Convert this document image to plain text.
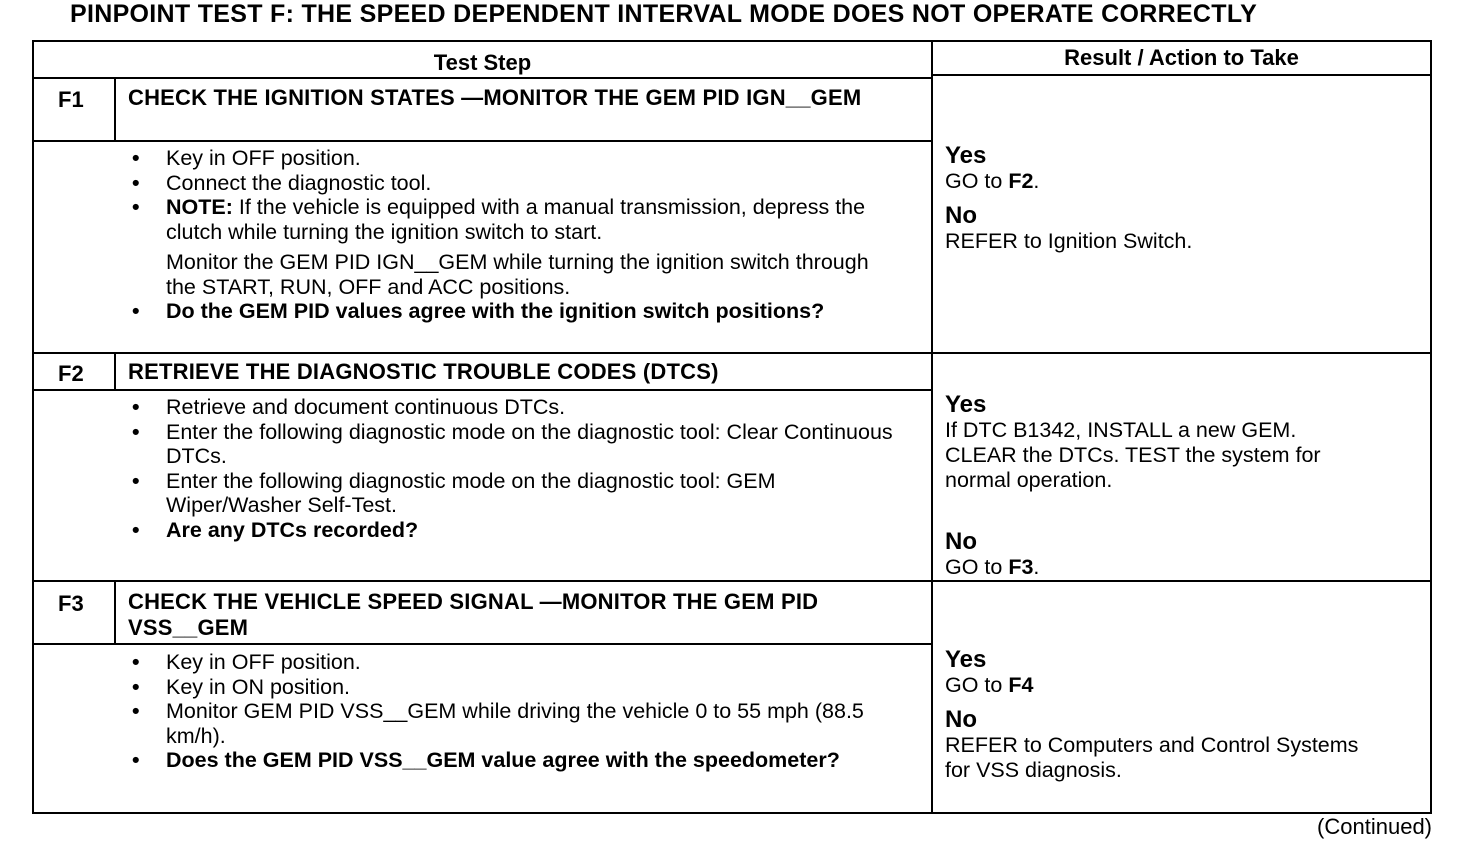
PINPOINT TEST F: THE SPEED DEPENDENT INTERVAL MODE DOES NOT OPERATE CORRECTLY
Test Step	Result / Action to Take
F1 CHECK THE IGNITION STATES —MONITOR THE GEM PID IGN__GEM
• Key in OFF position.
• Connect the diagnostic tool.
• NOTE: If the vehicle is equipped with a manual transmission, depress the clutch while turning the ignition switch to start.
Monitor the GEM PID IGN__GEM while turning the ignition switch through the START, RUN, OFF and ACC positions.
• Do the GEM PID values agree with the ignition switch positions?
Yes
GO to F2.
No
REFER to Ignition Switch.
F2 RETRIEVE THE DIAGNOSTIC TROUBLE CODES (DTCS)
• Retrieve and document continuous DTCs.
• Enter the following diagnostic mode on the diagnostic tool: Clear Continuous DTCs.
• Enter the following diagnostic mode on the diagnostic tool: GEM Wiper/Washer Self-Test.
• Are any DTCs recorded?
Yes
If DTC B1342, INSTALL a new GEM. CLEAR the DTCs. TEST the system for normal operation.
No
GO to F3.
F3 CHECK THE VEHICLE SPEED SIGNAL —MONITOR THE GEM PID VSS__GEM
• Key in OFF position.
• Key in ON position.
• Monitor GEM PID VSS__GEM while driving the vehicle 0 to 55 mph (88.5 km/h).
• Does the GEM PID VSS__GEM value agree with the speedometer?
Yes
GO to F4
No
REFER to Computers and Control Systems for VSS diagnosis.
(Continued)
